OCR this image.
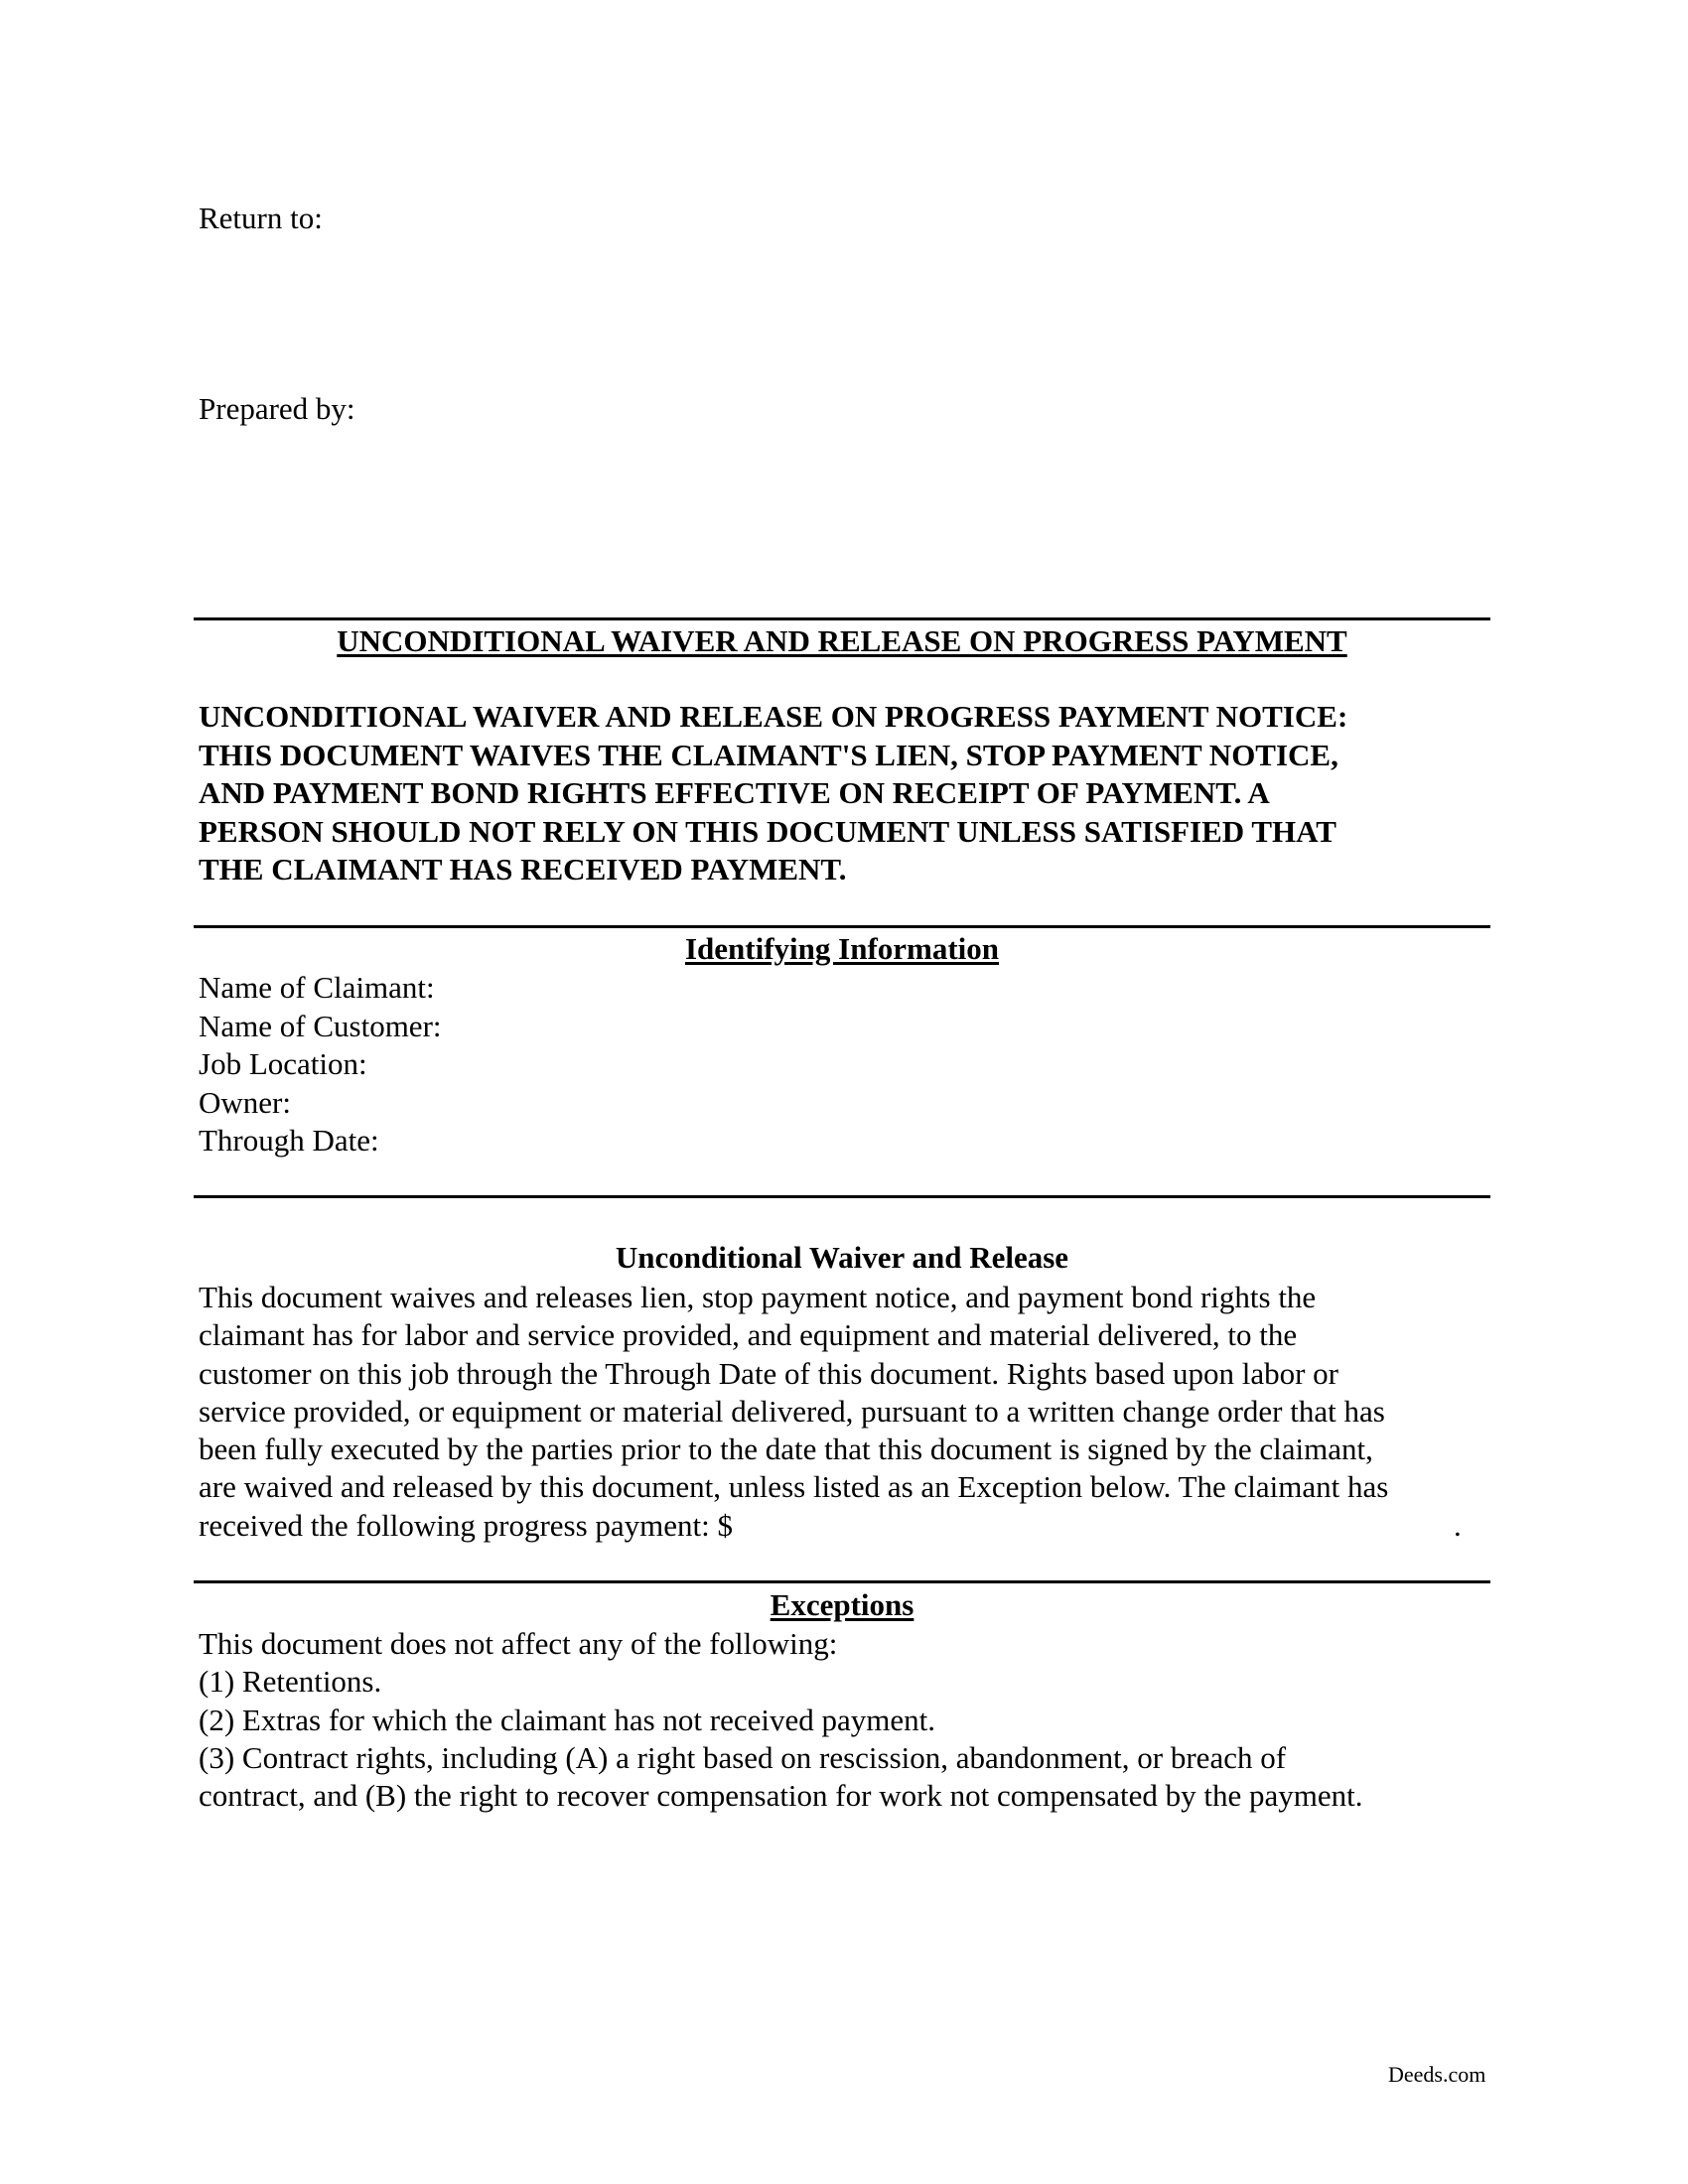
Return to:
Prepared by:
UNCONDITIONAL WAIVER AND RELEASE ON PROGRESS PAYMENT
UNCONDITIONAL WAIVER AND RELEASE ON PROGRESS PAYMENT NOTICE:
THIS DOCUMENT WAIVES THE CLAIMANT'S LIEN, STOP PAYMENT NOTICE,
AND PAYMENT BOND RIGHTS EFFECTIVE ON RECEIPT OF PAYMENT. A
PERSON SHOULD NOT RELY ON THIS DOCUMENT UNLESS SATISFIED THAT
THE CLAIMANT HAS RECEIVED PAYMENT.
Identifying Information
Name of Claimant:
Name of Customer:
Job Location:
Owner:
Through Date:
Unconditional Waiver and Release
This document waives and releases lien, stop payment notice, and payment bond rights the
claimant has for labor and service provided, and equipment and material delivered, to the
customer on this job through the Through Date of this document. Rights based upon labor or
service provided, or equipment or material delivered, pursuant to a written change order that has
been fully executed by the parties prior to the date that this document is signed by the claimant,
are waived and released by this document, unless listed as an Exception below. The claimant has
received the following progress payment: $	.
Exceptions
This document does not affect any of the following:
(1) Retentions.
(2) Extras for which the claimant has not received payment.
(3) Contract rights, including (A) a right based on rescission, abandonment, or breach of
contract, and (B) the right to recover compensation for work not compensated by the payment.
Deeds.com
